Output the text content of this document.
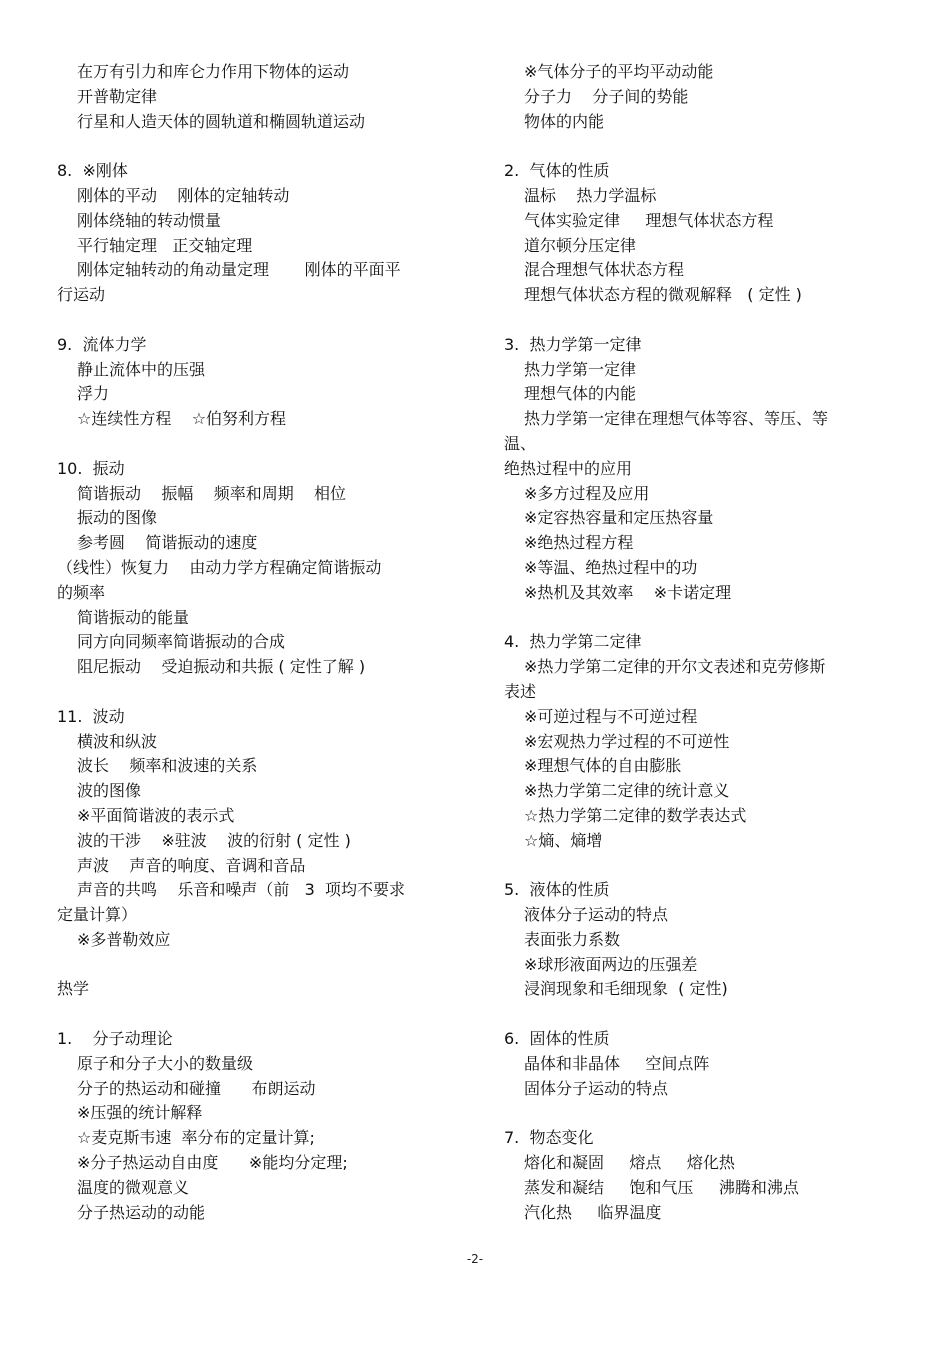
在万有引力和库仑力作用下物体的运动
开普勒定律
行星和人造天体的圆轨道和椭圆轨道运动
8.  ※刚体
刚体的平动    刚体的定轴转动
刚体绕轴的转动惯量
平行轴定理   正交轴定理
刚体定轴转动的角动量定理       刚体的平面平
行运动
9.  流体力学
静止流体中的压强
浮力
☆连续性方程    ☆伯努利方程
10.  振动
简谐振动    振幅    频率和周期    相位
振动的图像
参考圆    简谐振动的速度
（线性）恢复力    由动力学方程确定简谐振动
的频率
简谐振动的能量
同方向同频率简谐振动的合成
阻尼振动    受迫振动和共振 ( 定性了解 )
11.  波动
横波和纵波
波长    频率和波速的关系
波的图像
※平面简谐波的表示式
波的干涉    ※驻波    波的衍射 ( 定性 )
声波    声音的响度、音调和音品
声音的共鸣    乐音和噪声（前   3  项均不要求
定量计算）
※多普勒效应
热学
1.    分子动理论
原子和分子大小的数量级
分子的热运动和碰撞      布朗运动
※压强的统计解释
☆麦克斯韦速  率分布的定量计算;
※分子热运动自由度      ※能均分定理;
温度的微观意义
分子热运动的动能
※气体分子的平均平动动能
分子力    分子间的势能
物体的内能
2.  气体的性质
温标    热力学温标
气体实验定律     理想气体状态方程
道尔顿分压定律
混合理想气体状态方程
理想气体状态方程的微观解释   ( 定性 )
3.  热力学第一定律
热力学第一定律
理想气体的内能
热力学第一定律在理想气体等容、等压、等
温、
绝热过程中的应用
※多方过程及应用
※定容热容量和定压热容量
※绝热过程方程
※等温、绝热过程中的功
※热机及其效率    ※卡诺定理
4.  热力学第二定律
※热力学第二定律的开尔文表述和克劳修斯
表述
※可逆过程与不可逆过程
※宏观热力学过程的不可逆性
※理想气体的自由膨胀
※热力学第二定律的统计意义
☆热力学第二定律的数学表达式
☆熵、熵增
5.  液体的性质
液体分子运动的特点
表面张力系数
※球形液面两边的压强差
浸润现象和毛细现象  ( 定性)
6.  固体的性质
晶体和非晶体     空间点阵
固体分子运动的特点
7.  物态变化
熔化和凝固     熔点     熔化热
蒸发和凝结     饱和气压     沸腾和沸点
汽化热     临界温度
-2-
